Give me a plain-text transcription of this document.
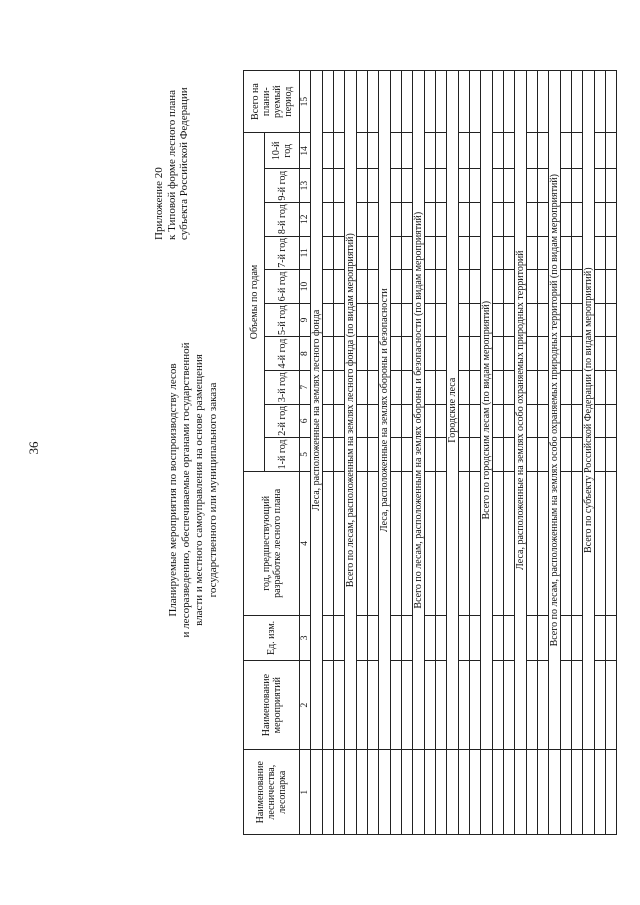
36
Приложение 20 к Типовой форме лесного плана субъекта Российской Федерации
Планируемые мероприятия по воспроизводству лесов и лесоразведению, обеспечиваемые органами государственной власти и местного самоуправления на основе размещения государственного или муниципального заказа
Наименование лесничества, лесопарка	Наименование мероприятий	Ед. изм.	год, предшествующий разработке лесного плана	Объемы по годам										Всего на плани-руемый период
				1-й год	2-й год	3-й год	4-й год	5-й год	6-й год	7-й год	8-й год	9-й год	10-й год	
1	2	3	4	5	6	7	8	9	10	11	12	13	14	15
	Леса, расположенные на землях лесного фонда													

	Всего по лесам, расположенным на землях лесного фонда (по видам мероприятий)													

	Леса, расположенные на землях обороны и безопасности													

	Всего по лесам, расположенным на землях обороны и безопасности (по видам мероприятий)													

	Городские леса													

	Всего по городским лесам (по видам мероприятий)													

	Леса, расположенные на землях особо охраняемых природных территорий													

	Всего по лесам, расположенным на землях особо охраняемых природных территорий (по видам мероприятий)													

	Всего по субъекту Российской Федерации (по видам мероприятий)													
